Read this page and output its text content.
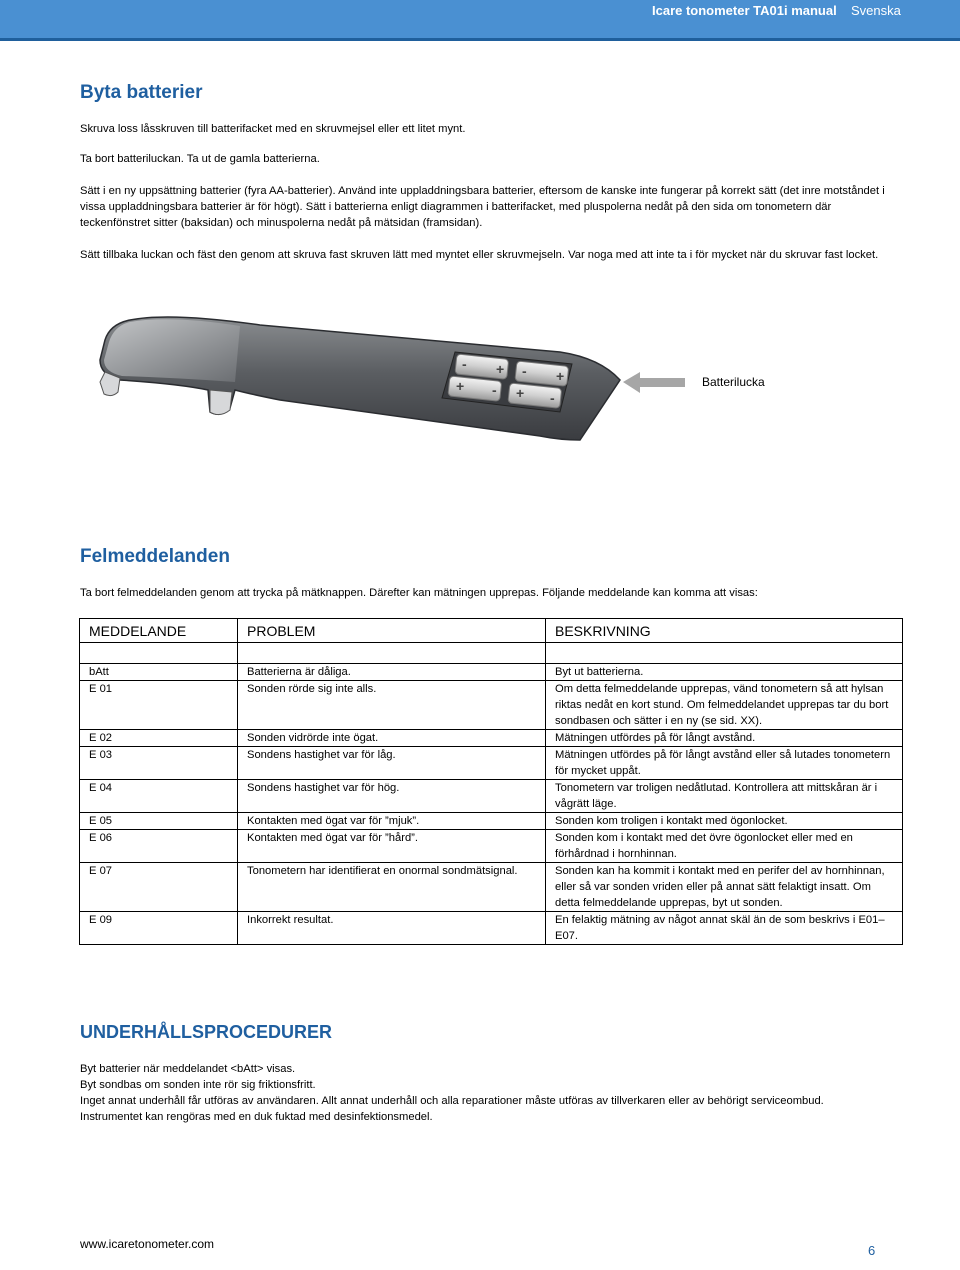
Icare tonometer TA01i manual Svenska
Byta batterier

Skruva loss låsskruven till batterifacket med en skruvmejsel eller ett litet mynt.

Ta bort batteriluckan. Ta ut de gamla batterierna.

Sätt i en ny uppsättning batterier (fyra AA-batterier). Använd inte uppladdningsbara batterier, eftersom de kanske inte fungerar på korrekt sätt (det inre motståndet i vissa uppladdningsbara batterier är för högt). Sätt i batterierna enligt diagrammen i batterifacket, med pluspolerna nedåt på den sida om tonometern där teckenfönstret sitter (baksidan) och minuspolerna nedåt på mätsidan (framsidan).

Sätt tillbaka luckan och fäst den genom att skruva fast skruven lätt med myntet eller skruvmejseln. Var noga med att inte ta i för mycket när du skruvar fast locket.

- + - +
+ - + -
Batterilucka
Felmeddelanden

Ta bort felmeddelanden genom att trycka på mätknappen. Därefter kan mätningen upprepas. Följande meddelande kan komma att visas:

MEDDELANDE	PROBLEM	BESKRIVNING

bAtt	Batterierna är dåliga.	Byt ut batterierna.
E 01	Sonden rörde sig inte alls.	Om detta felmeddelande upprepas, vänd tonometern så att hylsan riktas nedåt en kort stund. Om felmeddelandet upprepas tar du bort sondbasen och sätter i en ny (se sid. XX).
E 02	Sonden vidrörde inte ögat.	Mätningen utfördes på för långt avstånd.
E 03	Sondens hastighet var för låg.	Mätningen utfördes på för långt avstånd eller så lutades tonometern för mycket uppåt.
E 04	Sondens hastighet var för hög.	Tonometern var troligen nedåtlutad. Kontrollera att mittskåran är i vågrätt läge.
E 05	Kontakten med ögat var för ”mjuk”.	Sonden kom troligen i kontakt med ögonlocket.
E 06	Kontakten med ögat var för ”hård”.	Sonden kom i kontakt med det övre ögonlocket eller med en förhårdnad i hornhinnan.
E 07	Tonometern har identifierat en onormal sondmätsignal.	Sonden kan ha kommit i kontakt med en perifer del av hornhinnan, eller så var sonden vriden eller på annat sätt felaktigt insatt. Om detta felmeddelande upprepas, byt ut sonden.
E 09	Inkorrekt resultat.	En felaktig mätning av något annat skäl än de som beskrivs i E01–E07.
UNDERHÅLLSPROCEDURER

Byt batterier när meddelandet <bAtt> visas.

Byt sondbas om sonden inte rör sig friktionsfritt.

Inget annat underhåll får utföras av användaren. Allt annat underhåll och alla reparationer måste utföras av tillverkaren eller av behörigt serviceombud.

Instrumentet kan rengöras med en duk fuktad med desinfektionsmedel.

www.icaretonometer.com	6
